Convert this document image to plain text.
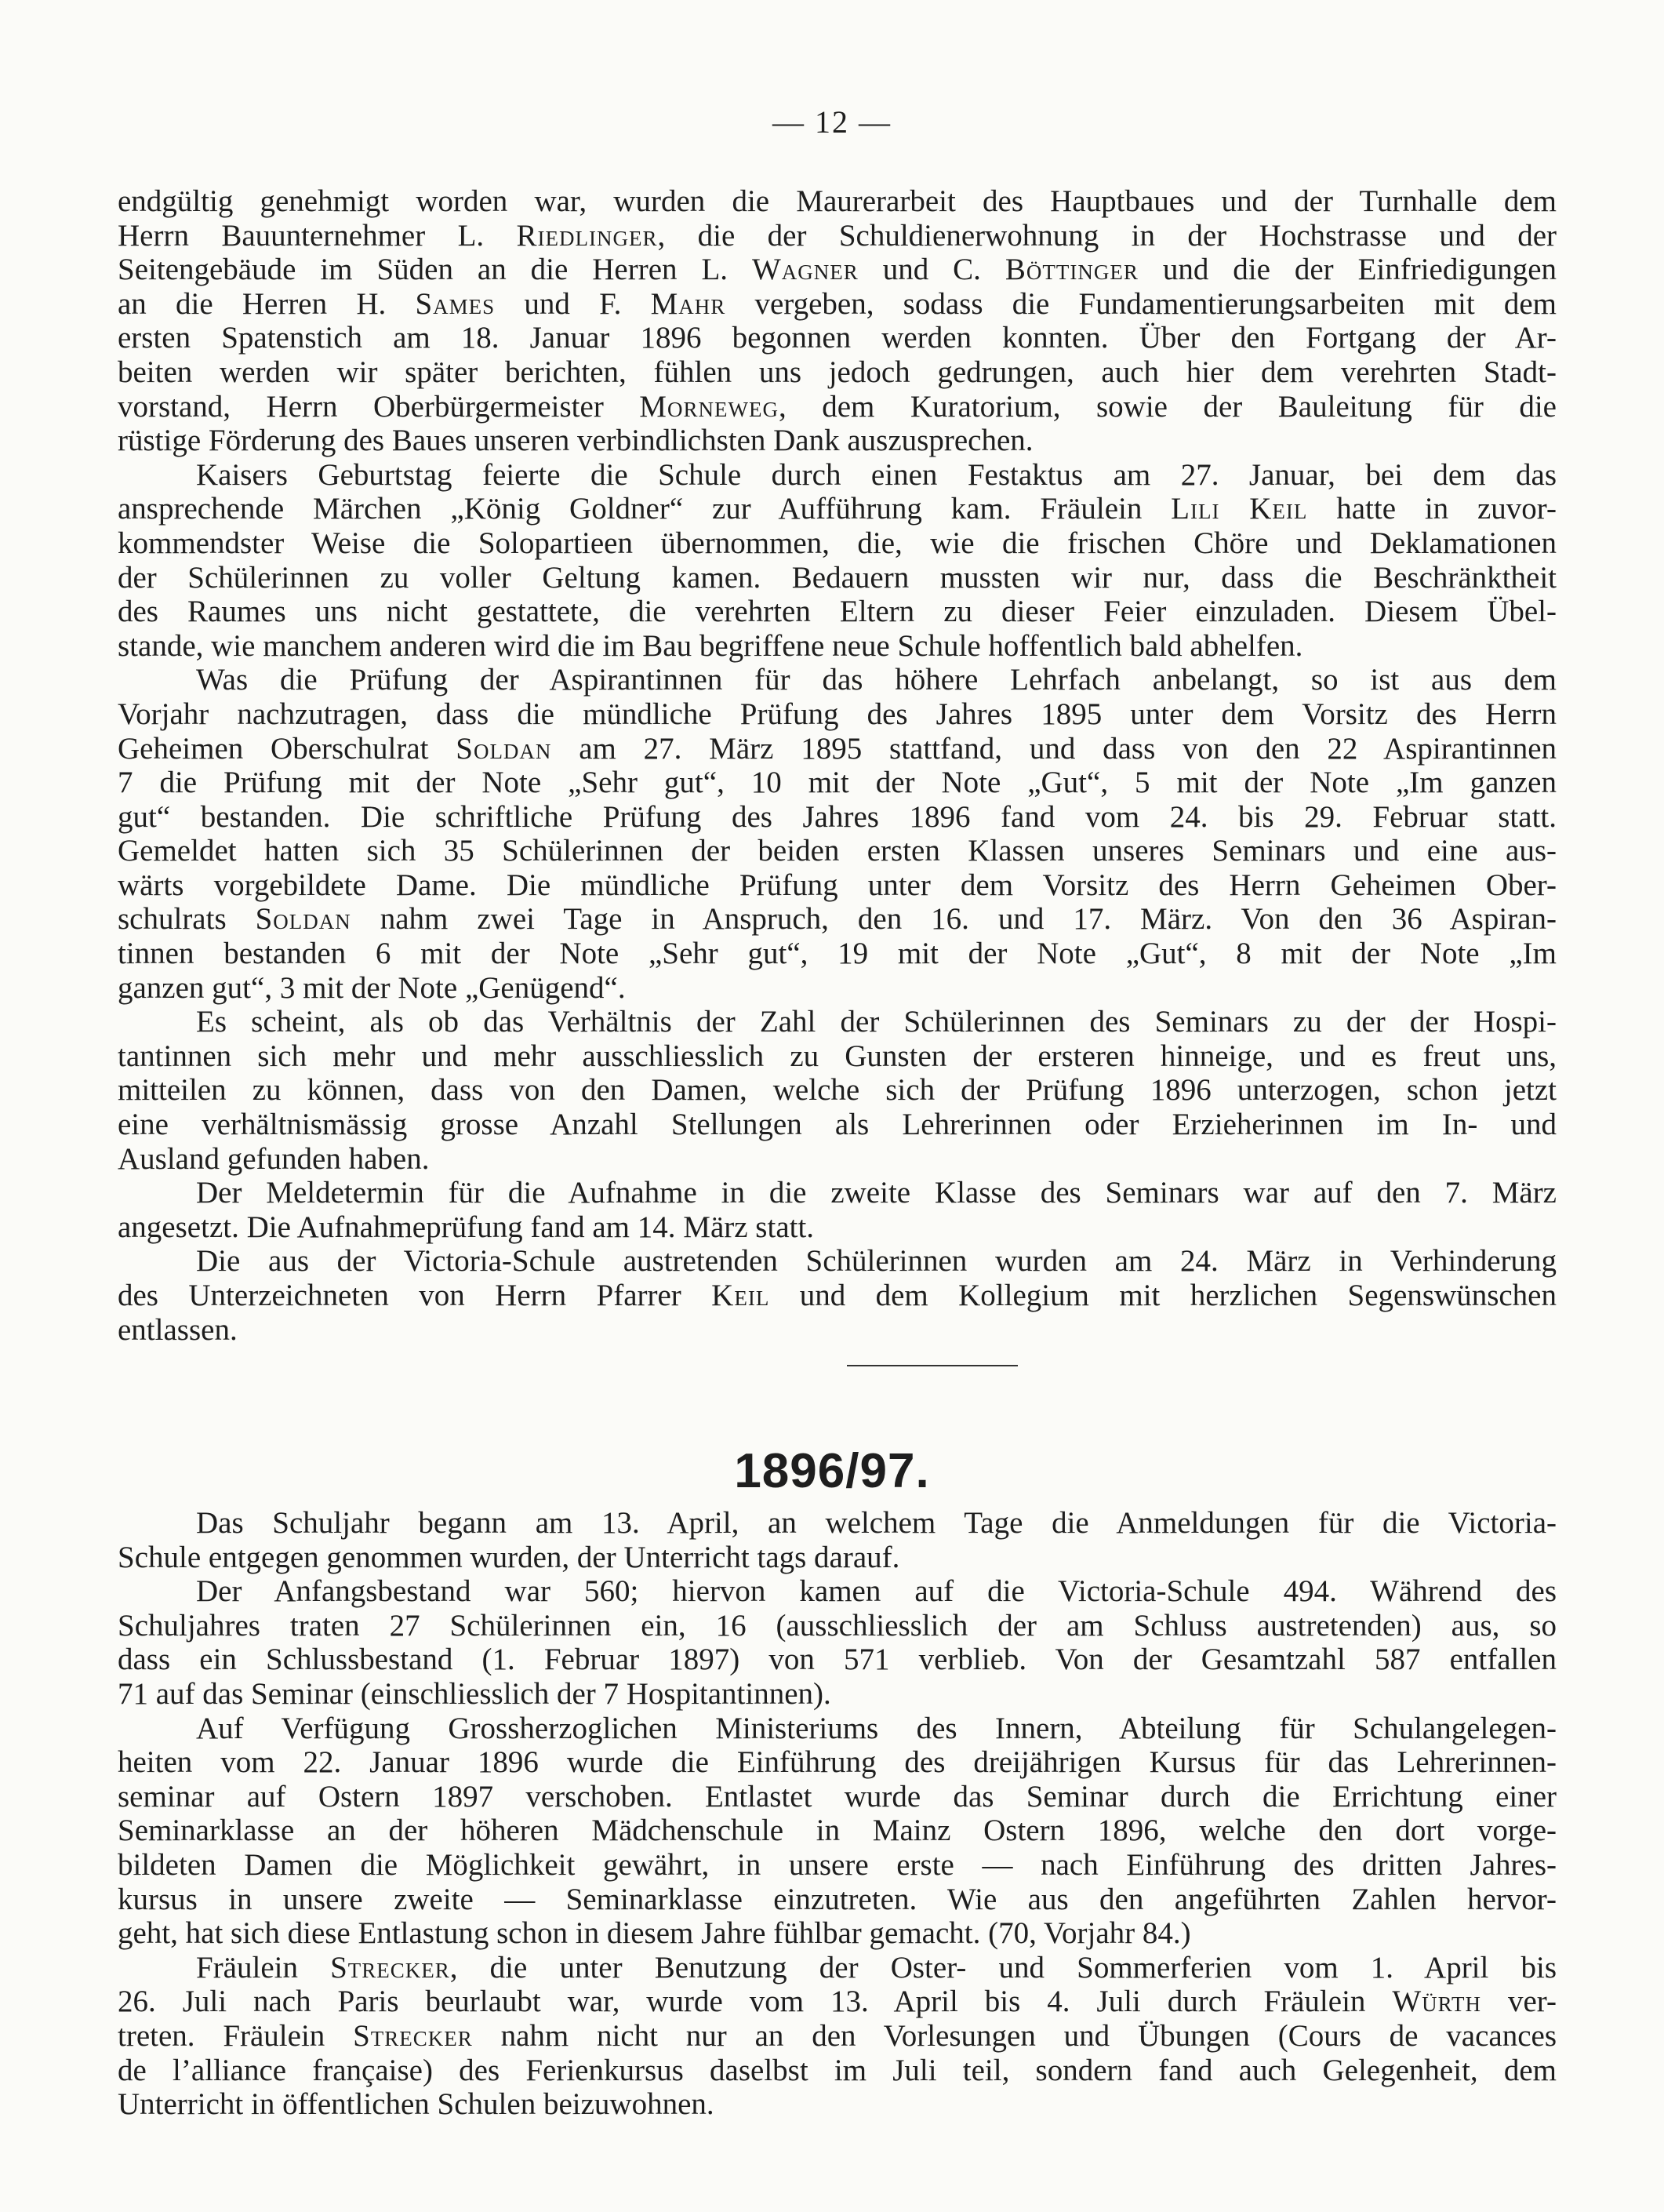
— 12 —
endgültig genehmigt worden war, wurden die Maurerarbeit des Hauptbaues und der Turnhalle dem
Herrn Bauunternehmer L. Riedlinger, die der Schuldienerwohnung in der Hochstrasse und der
Seitengebäude im Süden an die Herren L. Wagner und C. Böttinger und die der Einfriedigungen
an die Herren H. Sames und F. Mahr vergeben, sodass die Fundamentierungsarbeiten mit dem
ersten Spatenstich am 18. Januar 1896 begonnen werden konnten. Über den Fortgang der Ar-
beiten werden wir später berichten, fühlen uns jedoch gedrungen, auch hier dem verehrten Stadt-
vorstand, Herrn Oberbürgermeister Morneweg, dem Kuratorium, sowie der Bauleitung für die
rüstige Förderung des Baues unseren verbindlichsten Dank auszusprechen.
Kaisers Geburtstag feierte die Schule durch einen Festaktus am 27. Januar, bei dem das
ansprechende Märchen „König Goldner“ zur Aufführung kam. Fräulein Lili Keil hatte in zuvor-
kommendster Weise die Solopartieen übernommen, die, wie die frischen Chöre und Deklamationen
der Schülerinnen zu voller Geltung kamen. Bedauern mussten wir nur, dass die Beschränktheit
des Raumes uns nicht gestattete, die verehrten Eltern zu dieser Feier einzuladen. Diesem Übel-
stande, wie manchem anderen wird die im Bau begriffene neue Schule hoffentlich bald abhelfen.
Was die Prüfung der Aspirantinnen für das höhere Lehrfach anbelangt, so ist aus dem
Vorjahr nachzutragen, dass die mündliche Prüfung des Jahres 1895 unter dem Vorsitz des Herrn
Geheimen Oberschulrat Soldan am 27. März 1895 stattfand, und dass von den 22 Aspirantinnen
7 die Prüfung mit der Note „Sehr gut“, 10 mit der Note „Gut“, 5 mit der Note „Im ganzen
gut“ bestanden. Die schriftliche Prüfung des Jahres 1896 fand vom 24. bis 29. Februar statt.
Gemeldet hatten sich 35 Schülerinnen der beiden ersten Klassen unseres Seminars und eine aus-
wärts vorgebildete Dame. Die mündliche Prüfung unter dem Vorsitz des Herrn Geheimen Ober-
schulrats Soldan nahm zwei Tage in Anspruch, den 16. und 17. März. Von den 36 Aspiran-
tinnen bestanden 6 mit der Note „Sehr gut“, 19 mit der Note „Gut“, 8 mit der Note „Im
ganzen gut“, 3 mit der Note „Genügend“.
Es scheint, als ob das Verhältnis der Zahl der Schülerinnen des Seminars zu der der Hospi-
tantinnen sich mehr und mehr ausschliesslich zu Gunsten der ersteren hinneige, und es freut uns,
mitteilen zu können, dass von den Damen, welche sich der Prüfung 1896 unterzogen, schon jetzt
eine verhältnismässig grosse Anzahl Stellungen als Lehrerinnen oder Erzieherinnen im In- und
Ausland gefunden haben.
Der Meldetermin für die Aufnahme in die zweite Klasse des Seminars war auf den 7. März
angesetzt. Die Aufnahmeprüfung fand am 14. März statt.
Die aus der Victoria-Schule austretenden Schülerinnen wurden am 24. März in Verhinderung
des Unterzeichneten von Herrn Pfarrer Keil und dem Kollegium mit herzlichen Segenswünschen
entlassen.
1896/97.
Das Schuljahr begann am 13. April, an welchem Tage die Anmeldungen für die Victoria-
Schule entgegen genommen wurden, der Unterricht tags darauf.
Der Anfangsbestand war 560; hiervon kamen auf die Victoria-Schule 494. Während des
Schuljahres traten 27 Schülerinnen ein, 16 (ausschliesslich der am Schluss austretenden) aus, so
dass ein Schlussbestand (1. Februar 1897) von 571 verblieb. Von der Gesamtzahl 587 entfallen
71 auf das Seminar (einschliesslich der 7 Hospitantinnen).
Auf Verfügung Grossherzoglichen Ministeriums des Innern, Abteilung für Schulangelegen-
heiten vom 22. Januar 1896 wurde die Einführung des dreijährigen Kursus für das Lehrerinnen-
seminar auf Ostern 1897 verschoben. Entlastet wurde das Seminar durch die Errichtung einer
Seminarklasse an der höheren Mädchenschule in Mainz Ostern 1896, welche den dort vorge-
bildeten Damen die Möglichkeit gewährt, in unsere erste — nach Einführung des dritten Jahres-
kursus in unsere zweite — Seminarklasse einzutreten. Wie aus den angeführten Zahlen hervor-
geht, hat sich diese Entlastung schon in diesem Jahre fühlbar gemacht. (70, Vorjahr 84.)
Fräulein Strecker, die unter Benutzung der Oster- und Sommerferien vom 1. April bis
26. Juli nach Paris beurlaubt war, wurde vom 13. April bis 4. Juli durch Fräulein Würth ver-
treten. Fräulein Strecker nahm nicht nur an den Vorlesungen und Übungen (Cours de vacances
de l’alliance française) des Ferienkursus daselbst im Juli teil, sondern fand auch Gelegenheit, dem
Unterricht in öffentlichen Schulen beizuwohnen.
